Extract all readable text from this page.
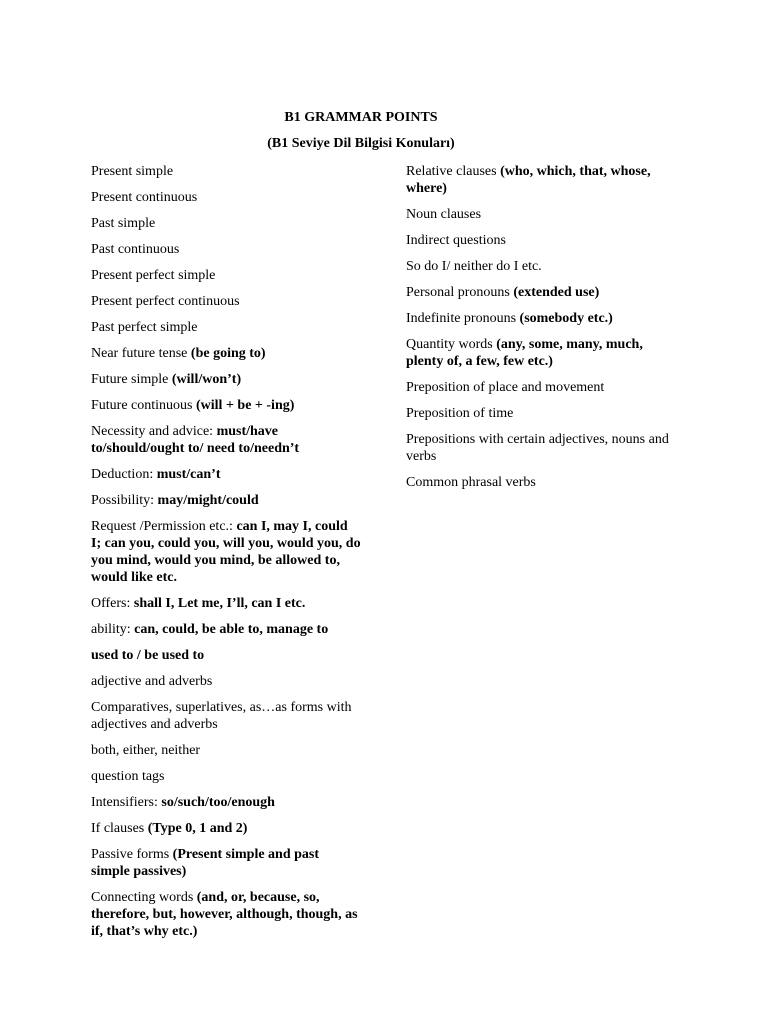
B1 GRAMMAR POINTS

(B1 Seviye Dil Bilgisi Konuları)

Present simple

Present continuous

Past simple

Past continuous

Present perfect simple

Present perfect continuous

Past perfect simple

Near future tense (be going to)

Future simple (will/won’t)

Future continuous (will + be + -ing)

Necessity and advice: must/have to/should/ought to/ need to/needn’t

Deduction: must/can’t

Possibility: may/might/could

Request /Permission etc.: can I, may I, could I; can you, could you, will you, would you, do you mind, would you mind, be allowed to, would like etc.

Offers: shall I, Let me, I’ll, can I etc.

ability: can, could, be able to, manage to

used to / be used to

adjective and adverbs

Comparatives, superlatives, as…as forms with adjectives and adverbs

both, either, neither

question tags

Intensifiers: so/such/too/enough

If clauses (Type 0, 1 and 2)

Passive forms (Present simple and past simple passives)

Connecting words (and, or, because, so, therefore, but, however, although, though, as if, that’s why etc.)

Relative clauses (who, which, that, whose, where)

Noun clauses

Indirect questions

So do I/ neither do I etc.

Personal pronouns (extended use)

Indefinite pronouns (somebody etc.)

Quantity words (any, some, many, much, plenty of, a few, few etc.)

Preposition of place and movement

Preposition of time

Prepositions with certain adjectives, nouns and verbs

Common phrasal verbs
